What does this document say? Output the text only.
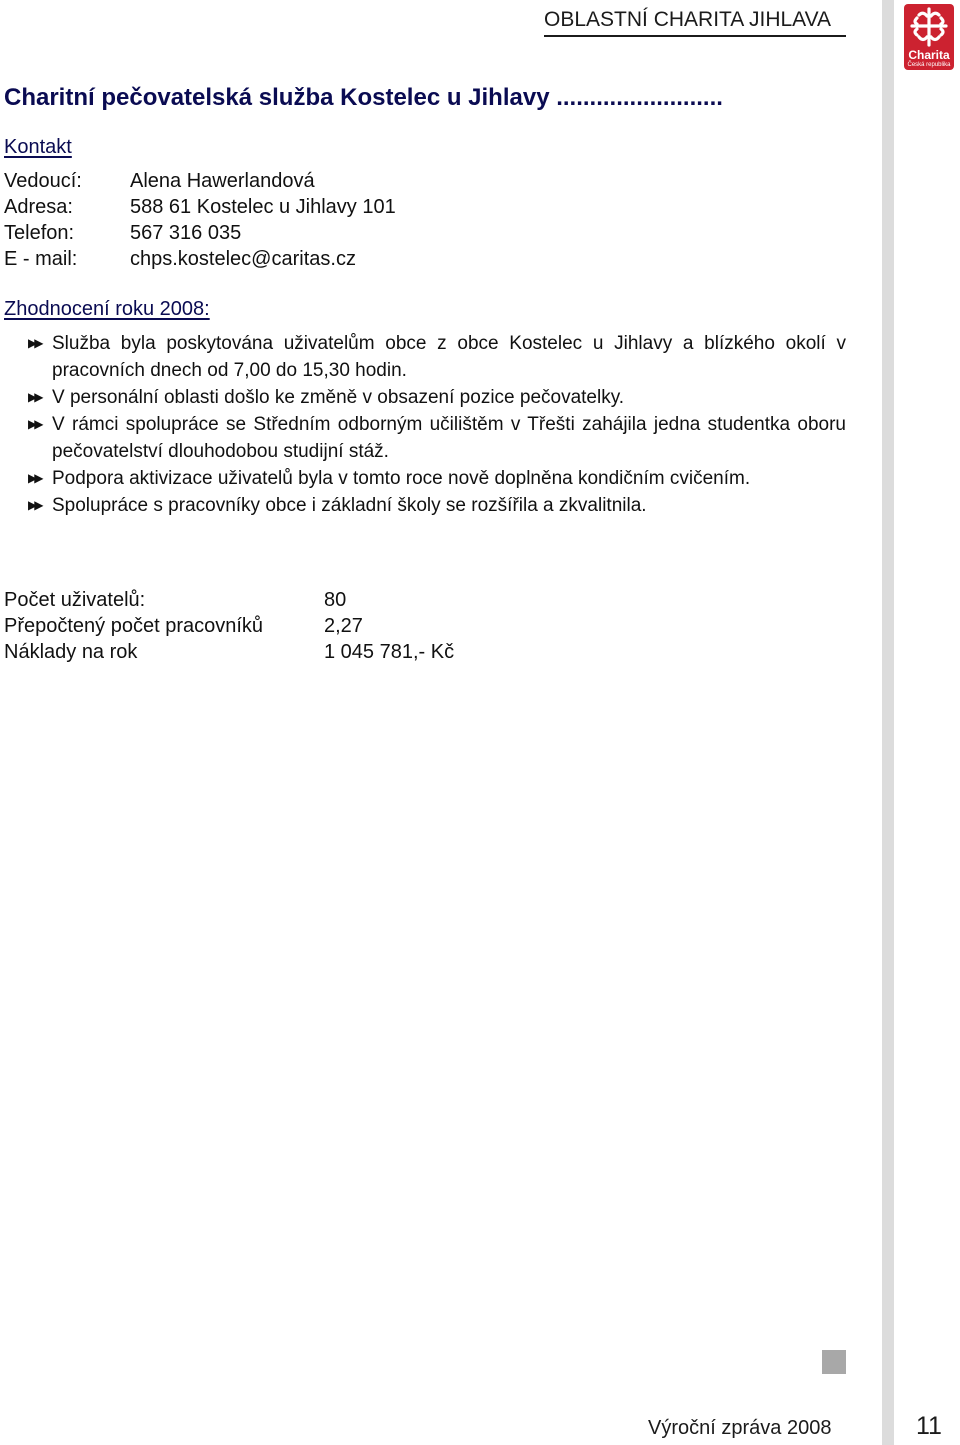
OBLASTNÍ CHARITA JIHLAVA
Charita
Česká republika
Charitní pečovatelská služba Kostelec u Jihlavy .........................
Kontakt
Vedoucí: Alena Hawerlandová
Adresa:	588 61 Kostelec u Jihlavy 101
Telefon:	567 316 035
E - mail:	chps.kostelec@caritas.cz
Zhodnocení roku 2008:
▶▶ Služba byla poskytována uživatelům obce z obce Kostelec u Jihlavy a blízkého okolí v pracovních dnech od 7,00 do 15,30 hodin.
▶▶ V personální oblasti došlo ke změně v obsazení pozice pečovatelky.
▶▶ V rámci spolupráce se Středním odborným učilištěm v Třešti zahájila jedna studentka oboru pečovatelství dlouhodobou studijní stáž.
▶▶ Podpora aktivizace uživatelů byla v tomto roce nově doplněna kondičním cvičením.
▶▶ Spolupráce s pracovníky obce i základní školy se rozšířila a zkvalitnila.
Počet uživatelů:	80
Přepočtený počet pracovníků	2,27
Náklady na rok	1 045 781,- Kč
Výroční zpráva 2008	11
